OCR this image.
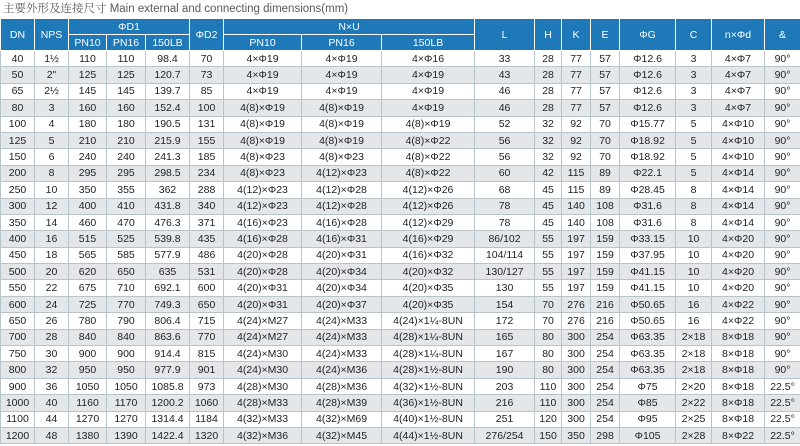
主要外形及连接尺寸 Main external and connecting dimensions(mm)
DN	NPS	ΦD1			ΦD2	N×U			L	H	K	E	ΦG	C	n×Φd	&
		PN10	PN16	150LB		PN10	PN16	150LB								
40	1½	110	110	98.4	70	4×Φ19	4×Φ19	4×Φ16	33	28	77	57	Φ12.6	3	4×Φ7	90°
50	2"	125	125	120.7	73	4×Φ19	4×Φ19	4×Φ19	43	28	77	57	Φ12.6	3	4×Φ7	90°
65	2½	145	145	139.7	85	4×Φ19	4×Φ19	4×Φ19	46	28	77	57	Φ12.6	3	4×Φ7	90°
80	3	160	160	152.4	100	4(8)×Φ19	4(8)×Φ19	4×Φ19	46	28	77	57	Φ12.6	3	4×Φ7	90°
100	4	180	180	190.5	131	4(8)×Φ19	4(8)×Φ19	4(8)×Φ19	52	32	92	70	Φ15.77	5	4×Φ10	90°
125	5	210	210	215.9	155	4(8)×Φ19	4(8)×Φ19	4(8)×Φ22	56	32	92	70	Φ18.92	5	4×Φ10	90°
150	6	240	240	241.3	185	4(8)×Φ23	4(8)×Φ23	4(8)×Φ22	56	32	92	70	Φ18.92	5	4×Φ10	90°
200	8	295	295	298.5	234	4(8)×Φ23	4(12)×Φ23	4(8)×Φ22	60	42	115	89	Φ22.1	5	4×Φ14	90°
250	10	350	355	362	288	4(12)×Φ23	4(12)×Φ28	4(12)×Φ26	68	45	115	89	Φ28.45	8	4×Φ14	90°
300	12	400	410	431.8	340	4(12)×Φ23	4(12)×Φ28	4(12)×Φ26	78	45	140	108	Φ31.6	8	4×Φ14	90°
350	14	460	470	476.3	371	4(16)×Φ23	4(16)×Φ28	4(12)×Φ29	78	45	140	108	Φ31.6	8	4×Φ14	90°
400	16	515	525	539.8	435	4(16)×Φ28	4(16)×Φ31	4(16)×Φ29	86/102	55	197	159	Φ33.15	10	4×Φ20	90°
450	18	565	585	577.9	486	4(20)×Φ28	4(20)×Φ31	4(16)×Φ32	104/114	55	197	159	Φ37.95	10	4×Φ20	90°
500	20	620	650	635	531	4(20)×Φ28	4(20)×Φ34	4(20)×Φ32	130/127	55	197	159	Φ41.15	10	4×Φ20	90°
550	22	675	710	692.1	600	4(20)×Φ31	4(20)×Φ34	4(20)×Φ35	130	55	197	159	Φ41.15	10	4×Φ20	90°
600	24	725	770	749.3	650	4(20)×Φ31	4(20)×Φ37	4(20)×Φ35	154	70	276	216	Φ50.65	16	4×Φ22	90°
650	26	780	790	806.4	715	4(24)×M27	4(24)×M33	4(24)×1¼-8UN	172	70	276	216	Φ50.65	16	4×Φ22	90°
700	28	840	840	863.6	770	4(24)×M27	4(24)×M33	4(28)×1¼-8UN	165	80	300	254	Φ63.35	2×18	8×Φ18	90°
750	30	900	900	914.4	815	4(24)×M30	4(24)×M33	4(28)×1¼-8UN	167	80	300	254	Φ63.35	2×18	8×Φ18	90°
800	32	950	950	977.9	901	4(24)×M30	4(24)×M36	4(28)×1½-8UN	190	80	300	254	Φ63.35	2×18	8×Φ18	90°
900	36	1050	1050	1085.8	973	4(28)×M30	4(28)×M36	4(32)×1½-8UN	203	110	300	254	Φ75	2×20	8×Φ18	22.5°
1000	40	1160	1170	1200.2	1060	4(28)×M33	4(28)×M39	4(36)×1½-8UN	216	110	300	254	Φ85	2×22	8×Φ18	22.5°
1100	44	1270	1270	1314.4	1184	4(32)×M33	4(32)×M69	4(40)×1½-8UN	251	120	300	254	Φ95	2×25	8×Φ18	22.5°
1200	48	1380	1390	1422.4	1320	4(32)×M36	4(32)×M45	4(44)×1½-8UN	276/254	150	350	298	Φ105	2×28	8×Φ22	22.5°
